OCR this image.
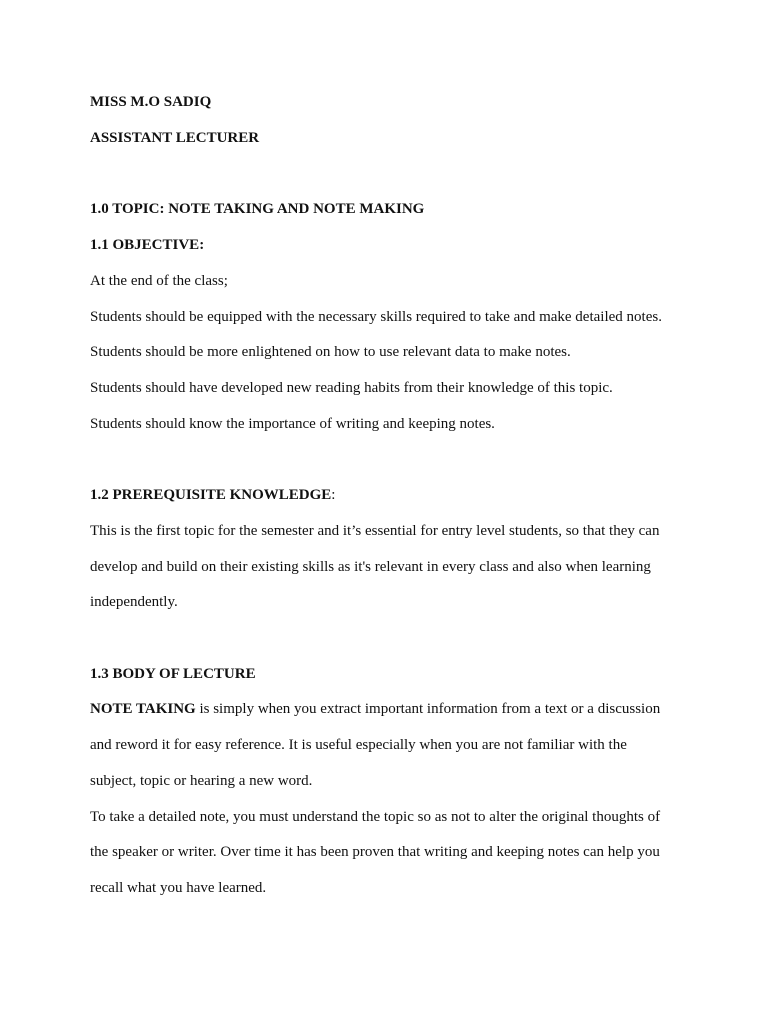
MISS M.O SADIQ

ASSISTANT LECTURER

1.0 TOPIC: NOTE TAKING AND NOTE MAKING

1.1 OBJECTIVE:

At the end of the class;

Students should be equipped with the necessary skills required to take and make detailed notes.

Students should be more enlightened on how to use relevant data to make notes.

Students should have developed new reading habits from their knowledge of this topic.

Students should know the importance of writing and keeping notes.

1.2 PREREQUISITE KNOWLEDGE:

This is the first topic for the semester and it’s essential for entry level students, so that they can

develop and build on their existing skills as it's relevant in every class and also when learning

independently.

1.3 BODY OF LECTURE

NOTE TAKING is simply when you extract important information from a text or a discussion

and reword it for easy reference. It is useful especially when you are not familiar with the

subject, topic or hearing a new word.

To take a detailed note, you must understand the topic so as not to alter the original thoughts of

the speaker or writer. Over time it has been proven that writing and keeping notes can help you

recall what you have learned.
